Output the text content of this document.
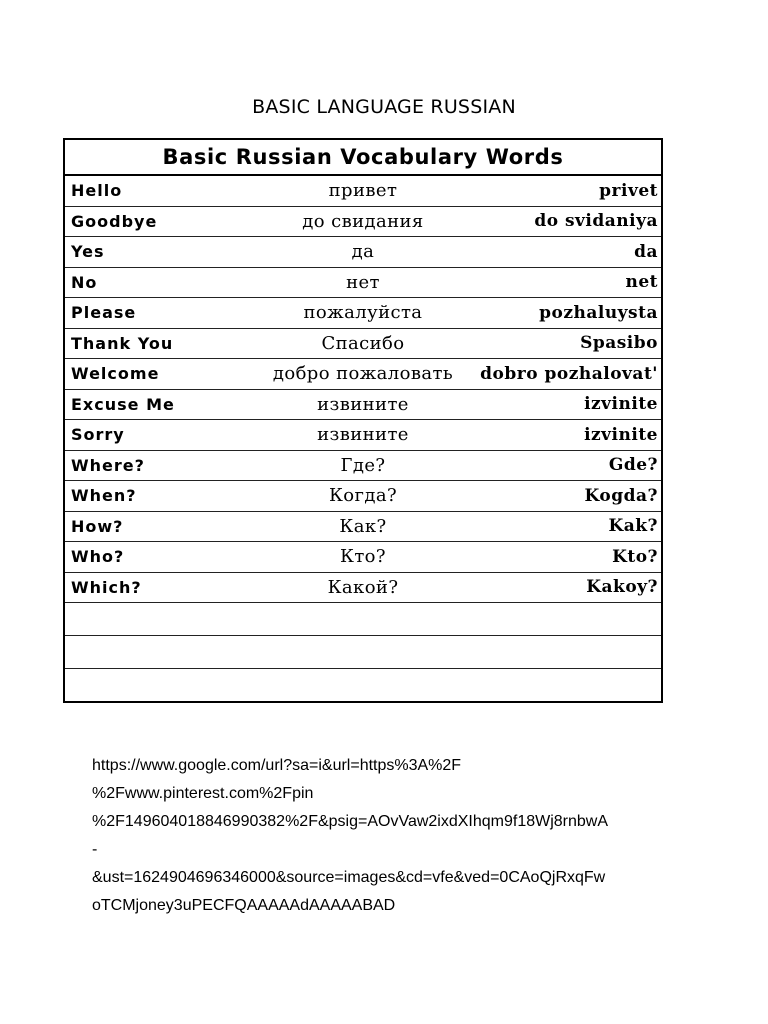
BASIC LANGUAGE RUSSIAN
Basic Russian Vocabulary Words		
Hello	привет	privet
Goodbye	до свидания	do svidaniya
Yes	да	da
No	нет	net
Please	пожалуйста	pozhaluysta
Thank You	Спасибо	Spasibo
Welcome	добро пожаловать	dobro pozhalovat'
Excuse Me	извините	izvinite
Sorry	извините	izvinite
Where?	Где?	Gde?
When?	Когда?	Kogda?
How?	Как?	Kak?
Who?	Кто?	Kto?
Which?	Какой?	Kakoy?

https://www.google.com/url?sa=i&url=https%3A%2F
%2Fwww.pinterest.com%2Fpin
%2F149604018846990382%2F&psig=AOvVaw2ixdXIhqm9f18Wj8rnbwA
-
&ust=1624904696346000&source=images&cd=vfe&ved=0CAoQjRxqFw
oTCMjoney3uPECFQAAAAAdAAAAABAD
